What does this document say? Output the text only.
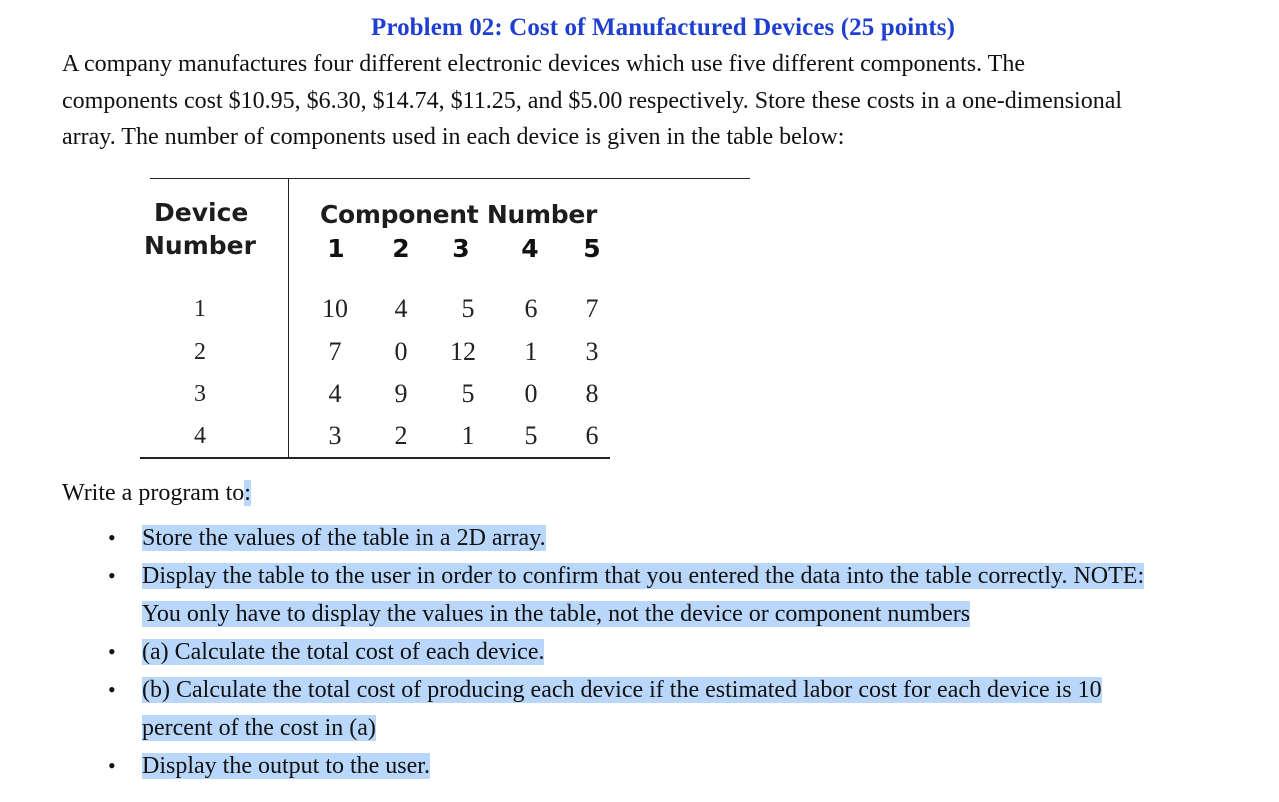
Problem 02: Cost of Manufactured Devices (25 points)
A company manufactures four different electronic devices which use five different components. The
components cost $10.95, $6.30, $14.74, $11.25, and $5.00 respectively. Store these costs in a one-dimensional
array. The number of components used in each device is given in the table below:
Device
Number
Component Number
1 2 3 4 5
1	10	4	5	6	7
2	7	0	12	1	3
3	4	9	5	0	8
4	3	2	1	5	6
Write a program to:
• Store the values of the table in a 2D array.
• Display the table to the user in order to confirm that you entered the data into the table correctly. NOTE:
You only have to display the values in the table, not the device or component numbers
• (a) Calculate the total cost of each device.
• (b) Calculate the total cost of producing each device if the estimated labor cost for each device is 10
percent of the cost in (a)
• Display the output to the user.
